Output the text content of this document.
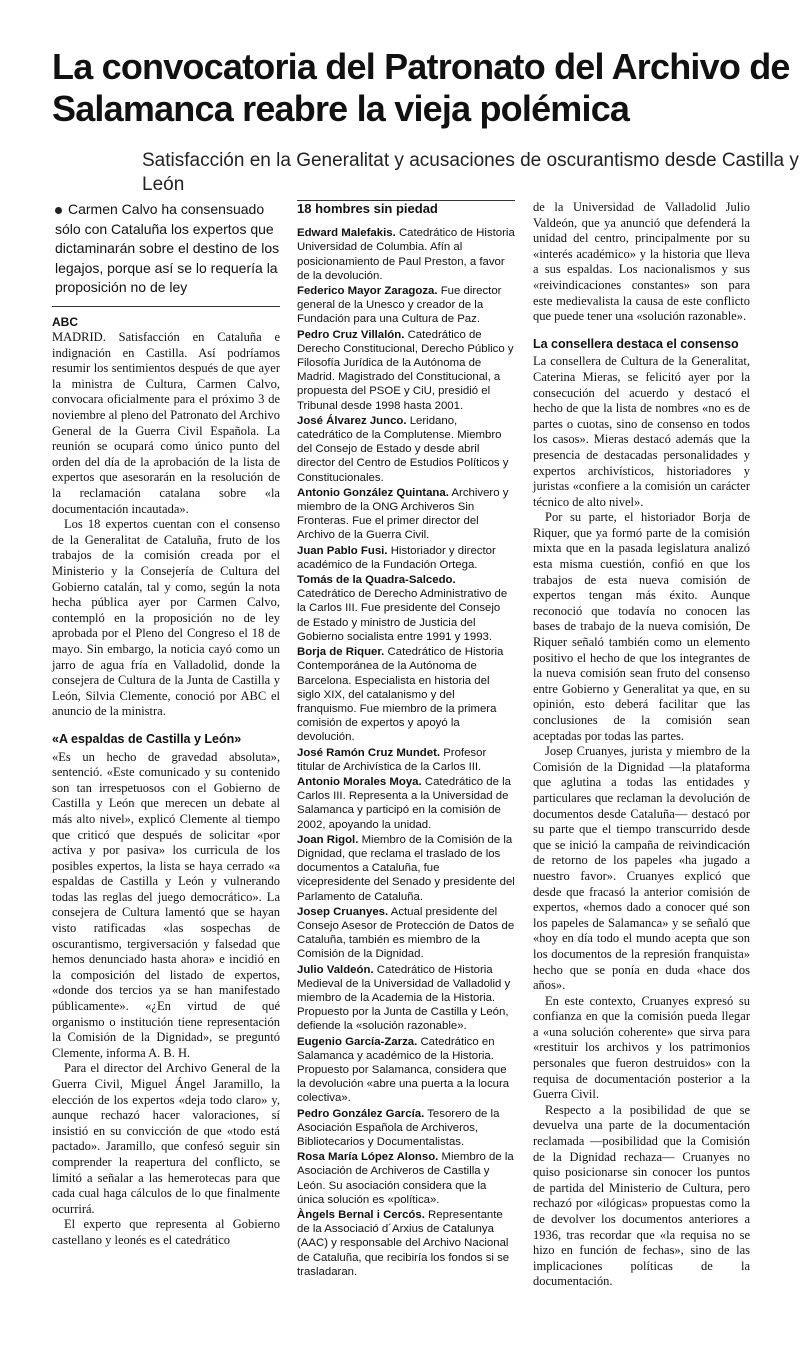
La convocatoria del Patronato del Archivo de Salamanca reabre la vieja polémica
Satisfacción en la Generalitat y acusaciones de oscurantismo desde Castilla y León
Carmen Calvo ha consensuado sólo con Cataluña los expertos que dictaminarán sobre el destino de los legajos, porque así se lo requería la proposición no de ley

ABC

MADRID. Satisfacción en Cataluña e indignación en Castilla. Así podríamos resumir los sentimientos después de que ayer la ministra de Cultura, Carmen Calvo, convocara oficialmente para el próximo 3 de noviembre al pleno del Patronato del Archivo General de la Guerra Civil Española. La reunión se ocupará como único punto del orden del día de la aprobación de la lista de expertos que asesorarán en la resolución de la reclamación catalana sobre «la documentación incautada».

Los 18 expertos cuentan con el consenso de la Generalitat de Cataluña, fruto de los trabajos de la comisión creada por el Ministerio y la Consejería de Cultura del Gobierno catalán, tal y como, según la nota hecha pública ayer por Carmen Calvo, contempló en la proposición no de ley aprobada por el Pleno del Congreso el 18 de mayo. Sin embargo, la noticia cayó como un jarro de agua fría en Valladolid, donde la consejera de Cultura de la Junta de Castilla y León, Silvia Clemente, conoció por ABC el anuncio de la ministra.

«A espaldas de Castilla y León»

«Es un hecho de gravedad absoluta», sentenció. «Este comunicado y su contenido son tan irrespetuosos con el Gobierno de Castilla y León que merecen un debate al más alto nivel», explicó Clemente al tiempo que criticó que después de solicitar «por activa y por pasiva» los curricula de los posibles expertos, la lista se haya cerrado «a espaldas de Castilla y León y vulnerando todas las reglas del juego democrático». La consejera de Cultura lamentó que se hayan visto ratificadas «las sospechas de oscurantismo, tergiversación y falsedad que hemos denunciado hasta ahora» e incidió en la composición del listado de expertos, «donde dos tercios ya se han manifestado públicamente». «¿En virtud de qué organismo o institución tiene representación la Comisión de la Dignidad», se preguntó Clemente, informa A. B. H.

Para el director del Archivo General de la Guerra Civil, Miguel Ángel Jaramillo, la elección de los expertos «deja todo claro» y, aunque rechazó hacer valoraciones, sí insistió en su convicción de que «todo está pactado». Jaramillo, que confesó seguir sin comprender la reapertura del conflicto, se limitó a señalar a las hemerotecas para que cada cual haga cálculos de lo que finalmente ocurrirá.

El experto que representa al Gobierno castellano y leonés es el catedrático

18 hombres sin piedad

Edward Malefakis. Catedrático de Historia Universidad de Columbia. Afín al posicionamiento de Paul Preston, a favor de la devolución.

Federico Mayor Zaragoza. Fue director general de la Unesco y creador de la Fundación para una Cultura de Paz.

Pedro Cruz Villalón. Catedrático de Derecho Constitucional, Derecho Público y Filosofía Jurídica de la Autónoma de Madrid. Magistrado del Constitucional, a propuesta del PSOE y CiU, presidió el Tribunal desde 1998 hasta 2001.

José Álvarez Junco. Leridano, catedrático de la Complutense. Miembro del Consejo de Estado y desde abril director del Centro de Estudios Políticos y Constitucionales.

Antonio González Quintana. Archivero y miembro de la ONG Archiveros Sin Fronteras. Fue el primer director del Archivo de la Guerra Civil.

Juan Pablo Fusi. Historiador y director académico de la Fundación Ortega.

Tomás de la Quadra-Salcedo. Catedrático de Derecho Administrativo de la Carlos III. Fue presidente del Consejo de Estado y ministro de Justicia del Gobierno socialista entre 1991 y 1993.

Borja de Riquer. Catedrático de Historia Contemporánea de la Autónoma de Barcelona. Especialista en historia del siglo XIX, del catalanismo y del franquismo. Fue miembro de la primera comisión de expertos y apoyó la devolución.

José Ramón Cruz Mundet. Profesor titular de Archivística de la Carlos III.

Antonio Morales Moya. Catedrático de la Carlos III. Representa a la Universidad de Salamanca y participó en la comisión de 2002, apoyando la unidad.

Joan Rigol. Miembro de la Comisión de la Dignidad, que reclama el traslado de los documentos a Cataluña, fue vicepresidente del Senado y presidente del Parlamento de Cataluña.

Josep Cruanyes. Actual presidente del Consejo Asesor de Protección de Datos de Cataluña, también es miembro de la Comisión de la Dignidad.

Julio Valdeón. Catedrático de Historia Medieval de la Universidad de Valladolid y miembro de la Academia de la Historia. Propuesto por la Junta de Castilla y León, defiende la «solución razonable».

Eugenio García-Zarza. Catedrático en Salamanca y académico de la Historia. Propuesto por Salamanca, considera que la devolución «abre una puerta a la locura colectiva».

Pedro González García. Tesorero de la Asociación Española de Archiveros, Bibliotecarios y Documentalistas.

Rosa María López Alonso. Miembro de la Asociación de Archiveros de Castilla y León. Su asociación considera que la única solución es «política».

Àngels Bernal i Cercós. Representante de la Associació d´Arxius de Catalunya (AAC) y responsable del Archivo Nacional de Cataluña, que recibiría los fondos si se trasladaran.

de la Universidad de Valladolid Julio Valdeón, que ya anunció que defenderá la unidad del centro, principalmente por su «interés académico» y la historia que lleva a sus espaldas. Los nacionalismos y sus «reivindicaciones constantes» son para este medievalista la causa de este conflicto que puede tener una «solución razonable».

La consellera destaca el consenso

La consellera de Cultura de la Generalitat, Caterina Mieras, se felicitó ayer por la consecución del acuerdo y destacó el hecho de que la lista de nombres «no es de partes o cuotas, sino de consenso en todos los casos». Mieras destacó además que la presencia de destacadas personalidades y expertos archivísticos, historiadores y juristas «confiere a la comisión un carácter técnico de alto nivel».

Por su parte, el historiador Borja de Riquer, que ya formó parte de la comisión mixta que en la pasada legislatura analizó esta misma cuestión, confió en que los trabajos de esta nueva comisión de expertos tengan más éxito. Aunque reconoció que todavía no conocen las bases de trabajo de la nueva comisión, De Riquer señaló también como un elemento positivo el hecho de que los integrantes de la nueva comisión sean fruto del consenso entre Gobierno y Generalitat ya que, en su opinión, esto deberá facilitar que las conclusiones de la comisión sean aceptadas por todas las partes.

Josep Cruanyes, jurista y miembro de la Comisión de la Dignidad —la plataforma que aglutina a todas las entidades y particulares que reclaman la devolución de documentos desde Cataluña— destacó por su parte que el tiempo transcurrido desde que se inició la campaña de reivindicación de retorno de los papeles «ha jugado a nuestro favor». Cruanyes explicó que desde que fracasó la anterior comisión de expertos, «hemos dado a conocer qué son los papeles de Salamanca» y se señaló que «hoy en día todo el mundo acepta que son los documentos de la represión franquista» hecho que se ponía en duda «hace dos años».

En este contexto, Cruanyes expresó su confianza en que la comisión pueda llegar a «una solución coherente» que sirva para «restituir los archivos y los patrimonios personales que fueron destruidos» con la requisa de documentación posterior a la Guerra Civil.

Respecto a la posibilidad de que se devuelva una parte de la documentación reclamada —posibilidad que la Comisión de la Dignidad rechaza— Cruanyes no quiso posicionarse sin conocer los puntos de partida del Ministerio de Cultura, pero rechazó por «ilógicas» propuestas como la de devolver los documentos anteriores a 1936, tras recordar que «la requisa no se hizo en función de fechas», sino de las implicaciones políticas de la documentación.
